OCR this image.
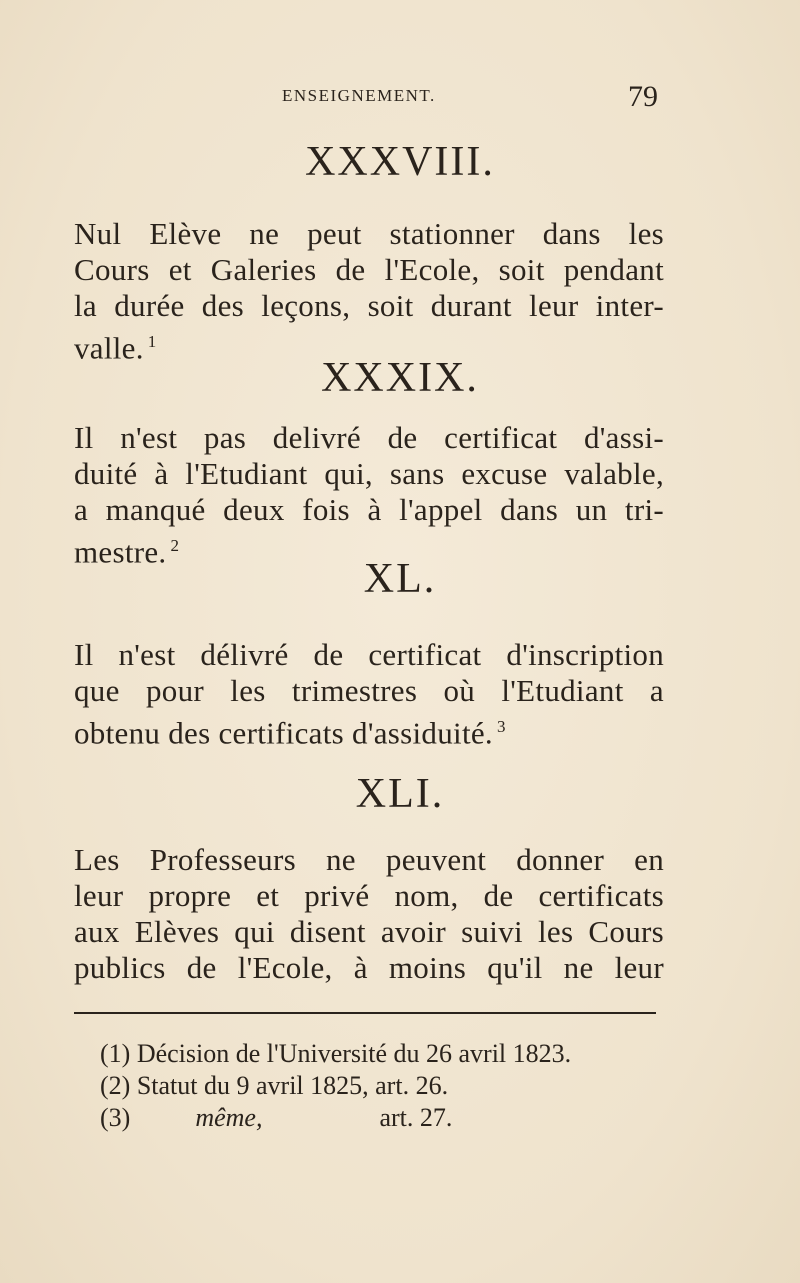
ENSEIGNEMENT.	79
XXXVIII.
Nul Elève ne peut stationner dans les
Cours et Galeries de l'Ecole, soit pendant
la durée des leçons, soit durant leur inter-
valle. $^1$
XXXIX.
Il n'est pas delivré de certificat d'assi-
duité à l'Etudiant qui, sans excuse valable,
a manqué deux fois à l'appel dans un tri-
mestre. $^2$
XL.
Il n'est délivré de certificat d'inscription
que pour les trimestres où l'Etudiant a
obtenu des certificats d'assiduité. $^3$
XLI.
Les Professeurs ne peuvent donner en
leur propre et privé nom, de certificats
aux Elèves qui disent avoir suivi les Cours
publics de l'Ecole, à moins qu'il ne leur
(1) Décision de l'Université du 26 avril 1823.
(2) Statut du 9 avril 1825, art. 26.
(3)	même,	art. 27.
